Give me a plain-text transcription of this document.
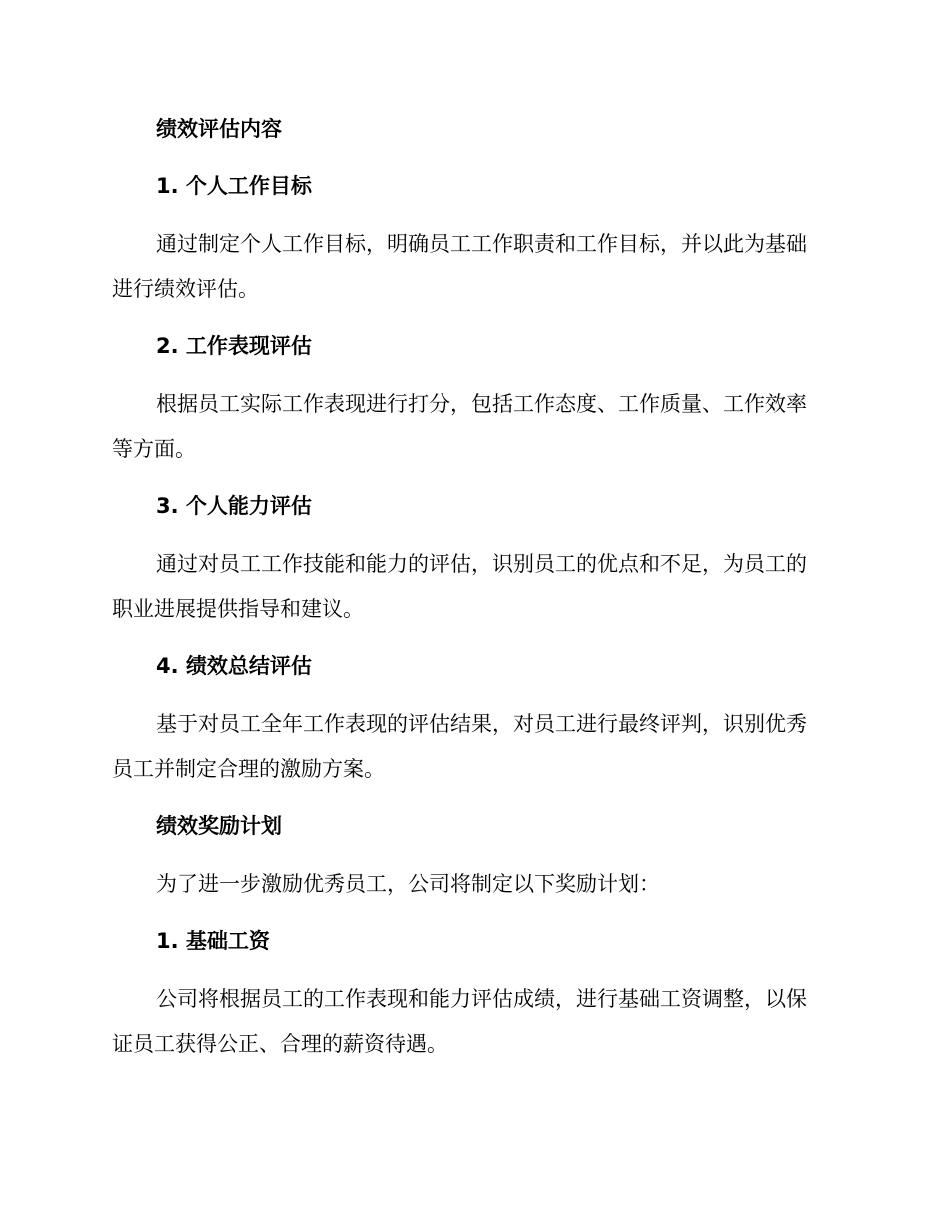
绩效评估内容

1. 个人工作目标

通过制定个人工作目标，明确员工工作职责和工作目标，并以此为基础

进行绩效评估。

2. 工作表现评估

根据员工实际工作表现进行打分，包括工作态度、工作质量、工作效率

等方面。

3. 个人能力评估

通过对员工工作技能和能力的评估，识别员工的优点和不足，为员工的

职业进展提供指导和建议。

4. 绩效总结评估

基于对员工全年工作表现的评估结果，对员工进行最终评判，识别优秀

员工并制定合理的激励方案。

绩效奖励计划

为了进一步激励优秀员工，公司将制定以下奖励计划：

1. 基础工资

公司将根据员工的工作表现和能力评估成绩，进行基础工资调整，以保

证员工获得公正、合理的薪资待遇。
